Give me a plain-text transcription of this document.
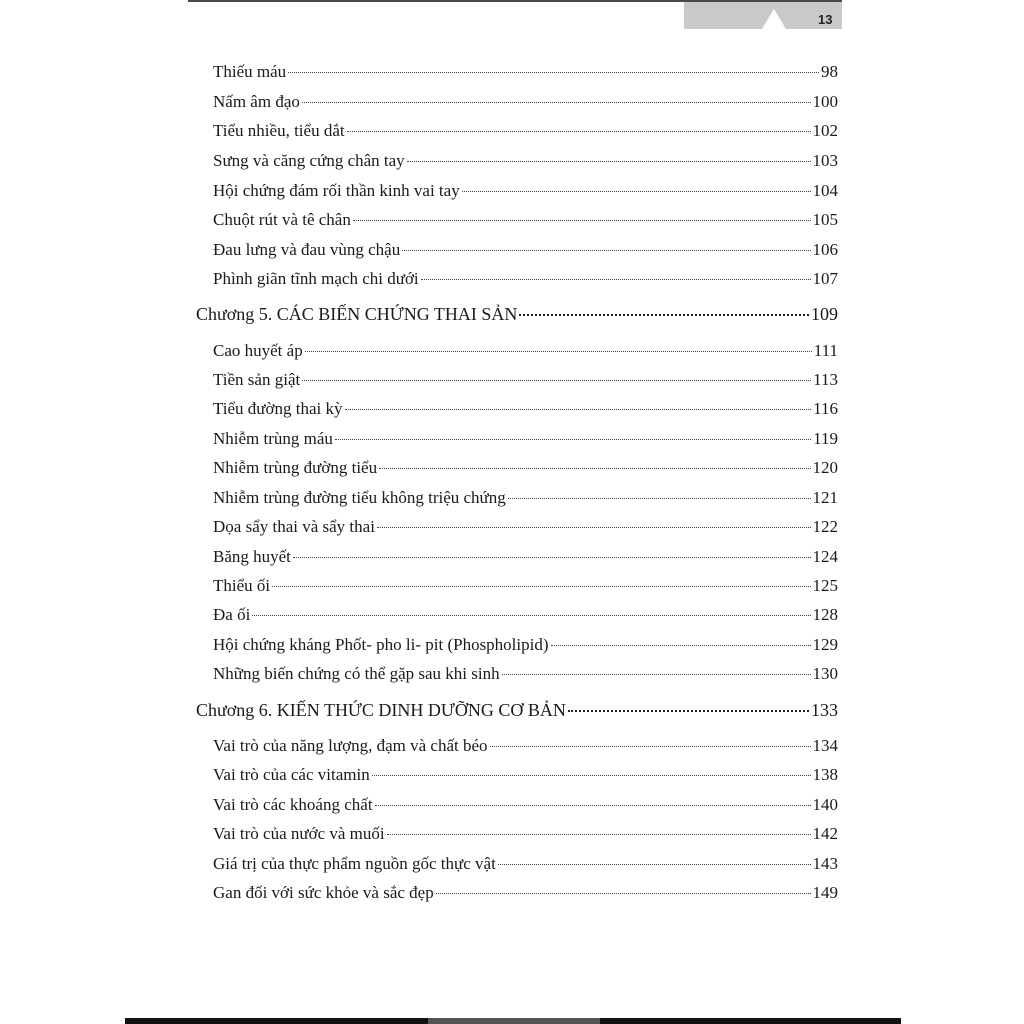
13
Thiếu máu	98
Nấm âm đạo	100
Tiểu nhiều, tiểu dắt	102
Sưng và căng cứng chân tay	103
Hội chứng đám rối thần kinh vai tay	104
Chuột rút và tê chân	105
Đau lưng và đau vùng chậu	106
Phình giãn tĩnh mạch chi dưới	107
Chương 5. CÁC BIẾN CHỨNG THAI SẢN	109
Cao huyết áp	111
Tiền sản giật	113
Tiểu đường thai kỳ	116
Nhiễm trùng máu	119
Nhiễm trùng đường tiểu	120
Nhiễm trùng đường tiểu không triệu chứng	121
Dọa sẩy thai và sẩy thai	122
Băng huyết	124
Thiểu ối	125
Đa ối	128
Hội chứng kháng Phốt- pho li- pit (Phospholipid)	129
Những biến chứng có thể gặp sau khi sinh	130
Chương 6. KIẾN THỨC DINH DƯỠNG CƠ BẢN	133
Vai trò của năng lượng, đạm và chất béo	134
Vai trò của các vitamin	138
Vai trò các khoáng chất	140
Vai trò của nước và muối	142
Giá trị của thực phẩm nguồn gốc thực vật	143
Gan đối với sức khỏe và sắc đẹp	149
